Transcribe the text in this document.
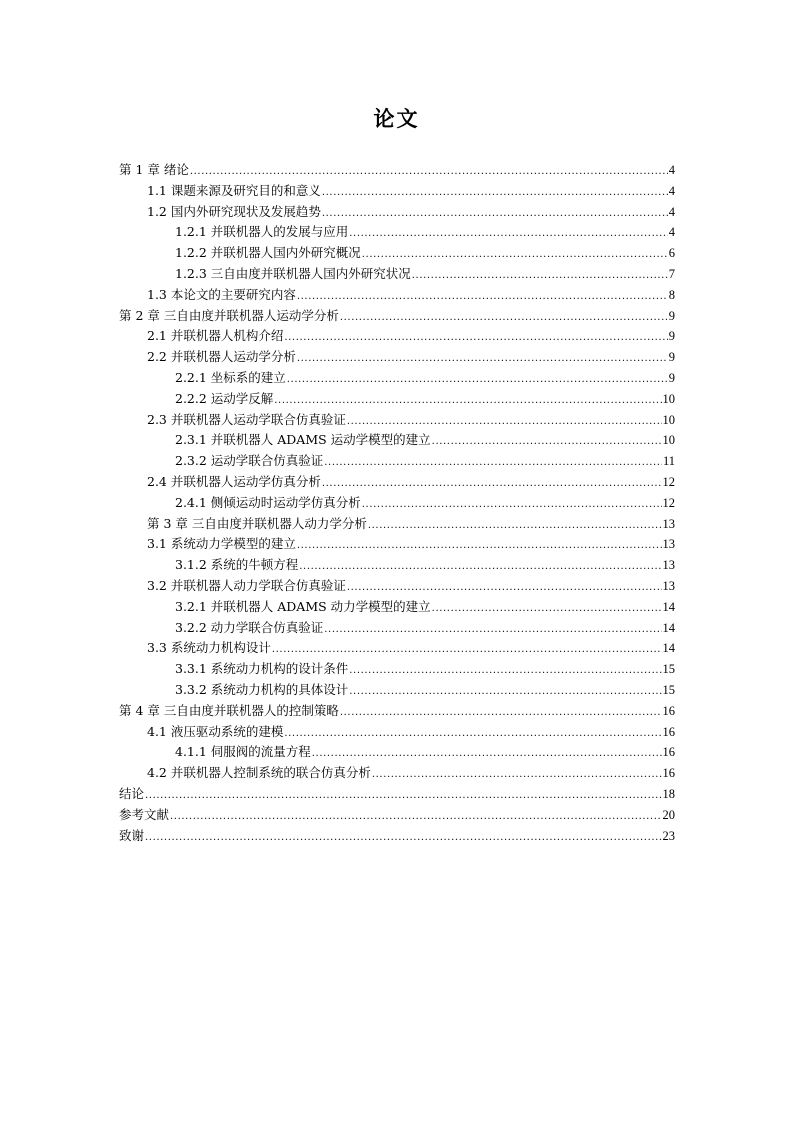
论文
第 1 章 绪论 .....	4
1.1 课题来源及研究目的和意义 .....	4
1.2 国内外研究现状及发展趋势 .....	4
1.2.1 并联机器人的发展与应用 .....	4
1.2.2 并联机器人国内外研究概况 .....	6
1.2.3 三自由度并联机器人国内外研究状况 .....	7
1.3 本论文的主要研究内容 .....	8
第 2 章 三自由度并联机器人运动学分析 .....	9
2.1 并联机器人机构介绍 .....	9
2.2 并联机器人运动学分析 .....	9
2.2.1 坐标系的建立 .....	9
2.2.2 运动学反解 .....	10
2.3 并联机器人运动学联合仿真验证 .....	10
2.3.1 并联机器人 ADAMS 运动学模型的建立 .....	10
2.3.2 运动学联合仿真验证 .....	11
2.4 并联机器人运动学仿真分析 .....	12
2.4.1 侧倾运动时运动学仿真分析 .....	12
第 3 章 三自由度并联机器人动力学分析 .....	13
3.1 系统动力学模型的建立 .....	13
3.1.2 系统的牛顿方程 .....	13
3.2 并联机器人动力学联合仿真验证 .....	13
3.2.1 并联机器人 ADAMS 动力学模型的建立 .....	14
3.2.2 动力学联合仿真验证 .....	14
3.3 系统动力机构设计 .....	14
3.3.1 系统动力机构的设计条件 .....	15
3.3.2 系统动力机构的具体设计 .....	15
第 4 章 三自由度并联机器人的控制策略 .....	16
4.1 液压驱动系统的建模 .....	16
4.1.1 伺服阀的流量方程 .....	16
4.2 并联机器人控制系统的联合仿真分析 .....	16
结论 .....	18
参考文献 .....	20
致谢 .....	23
